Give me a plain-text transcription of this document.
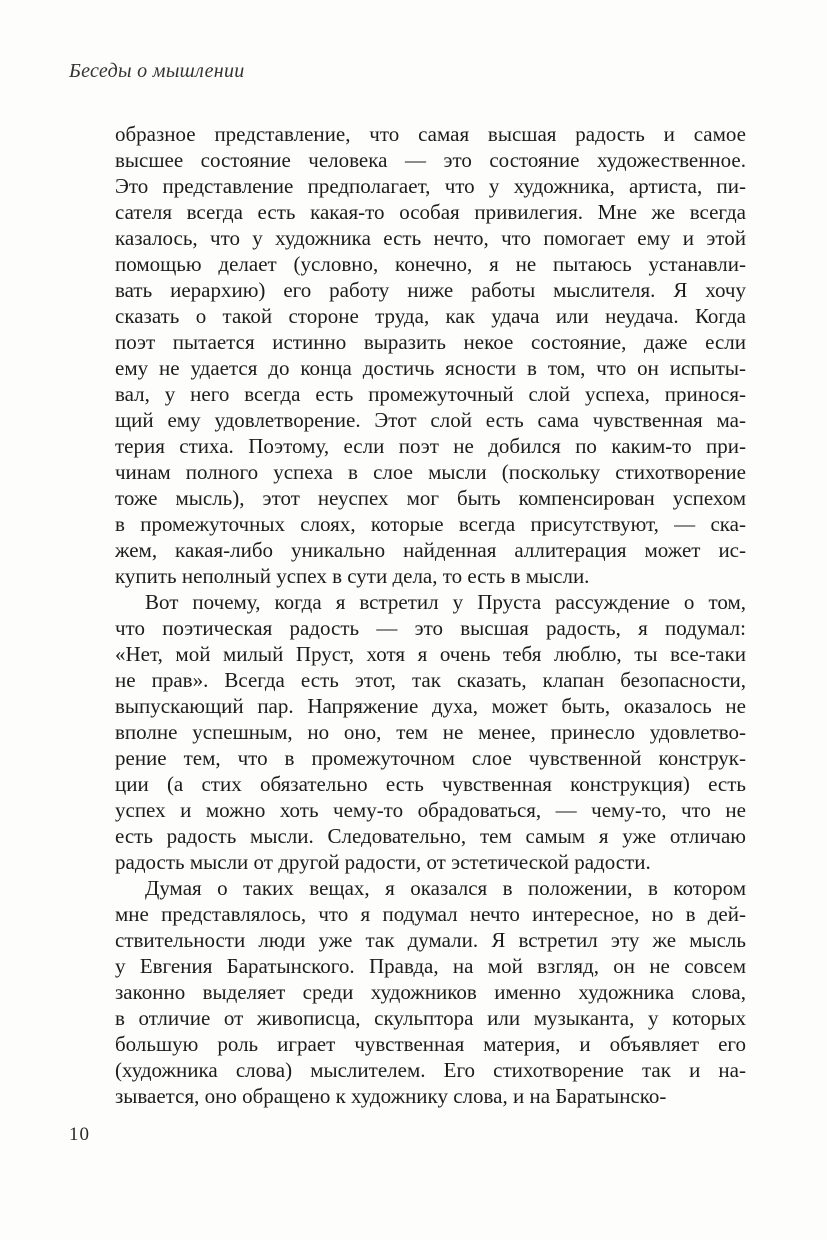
Беседы о мышлении
образное представление, что самая высшая радость и самое
высшее состояние человека — это состояние художественное.
Это представление предполагает, что у художника, артиста, пи-
сателя всегда есть какая-то особая привилегия. Мне же всегда
казалось, что у художника есть нечто, что помогает ему и этой
помощью делает (условно, конечно, я не пытаюсь устанавли-
вать иерархию) его работу ниже работы мыслителя. Я хочу
сказать о такой стороне труда, как удача или неудача. Когда
поэт пытается истинно выразить некое состояние, даже если
ему не удается до конца достичь ясности в том, что он испыты-
вал, у него всегда есть промежуточный слой успеха, принося-
щий ему удовлетворение. Этот слой есть сама чувственная ма-
терия стиха. Поэтому, если поэт не добился по каким-то при-
чинам полного успеха в слое мысли (поскольку стихотворение
тоже мысль), этот неуспех мог быть компенсирован успехом
в промежуточных слоях, которые всегда присутствуют, — ска-
жем, какая-либо уникально найденная аллитерация может ис-
купить неполный успех в сути дела, то есть в мысли.
Вот почему, когда я встретил у Пруста рассуждение о том,
что поэтическая радость — это высшая радость, я подумал:
«Нет, мой милый Пруст, хотя я очень тебя люблю, ты все-таки
не прав». Всегда есть этот, так сказать, клапан безопасности,
выпускающий пар. Напряжение духа, может быть, оказалось не
вполне успешным, но оно, тем не менее, принесло удовлетво-
рение тем, что в промежуточном слое чувственной конструк-
ции (а стих обязательно есть чувственная конструкция) есть
успех и можно хоть чему-то обрадоваться, — чему-то, что не
есть радость мысли. Следовательно, тем самым я уже отличаю
радость мысли от другой радости, от эстетической радости.
Думая о таких вещах, я оказался в положении, в котором
мне представлялось, что я подумал нечто интересное, но в дей-
ствительности люди уже так думали. Я встретил эту же мысль
у Евгения Баратынского. Правда, на мой взгляд, он не совсем
законно выделяет среди художников именно художника слова,
в отличие от живописца, скульптора или музыканта, у которых
большую роль играет чувственная материя, и объявляет его
(художника слова) мыслителем. Его стихотворение так и на-
зывается, оно обращено к художнику слова, и на Баратынско-
10
